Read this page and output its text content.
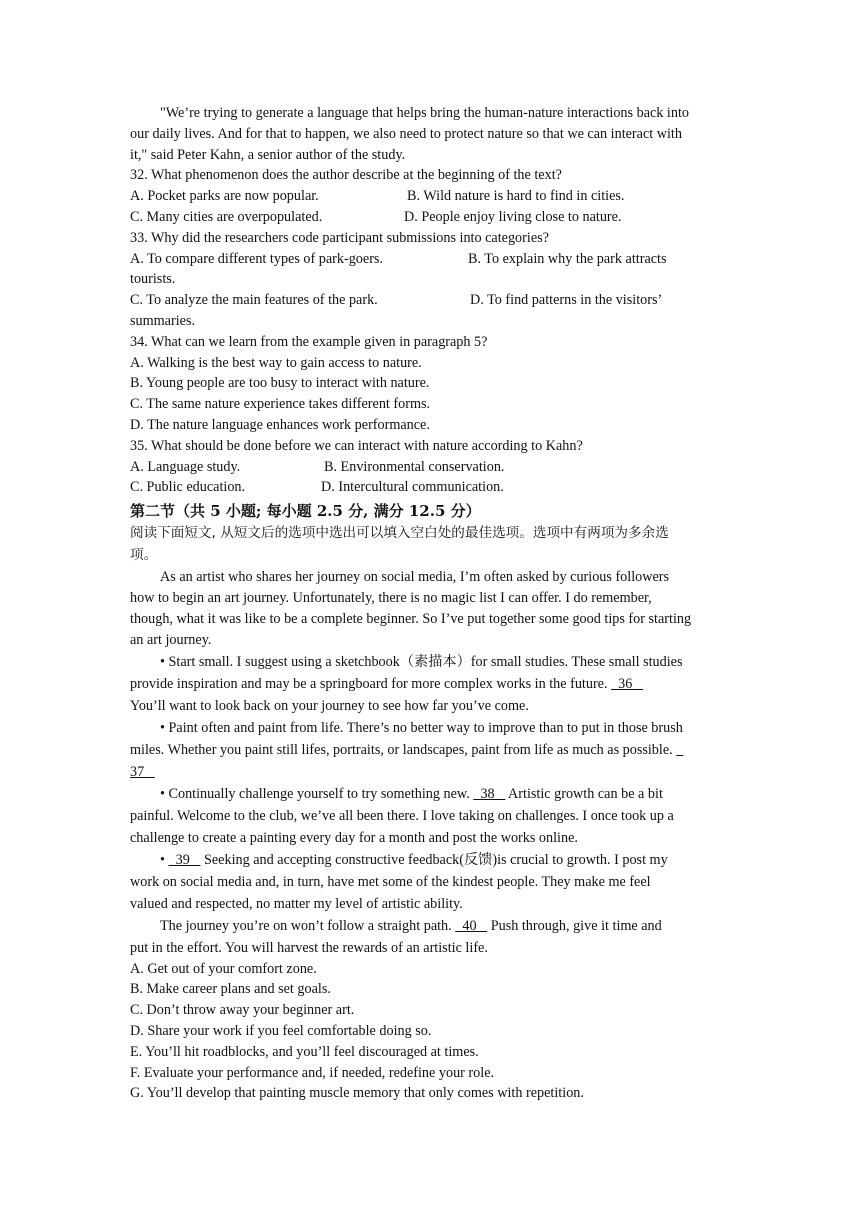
"We’re trying to generate a language that helps bring the human-nature interactions back into
our daily lives. And for that to happen, we also need to protect nature so that we can interact with
it," said Peter Kahn, a senior author of the study.
32. What phenomenon does the author describe at the beginning of the text?
A. Pocket parks are now popular.	B. Wild nature is hard to find in cities.
C. Many cities are overpopulated.	D. People enjoy living close to nature.
33. Why did the researchers code participant submissions into categories?
A. To compare different types of park-goers.	B. To explain why the park attracts
tourists.
C. To analyze the main features of the park.	D. To find patterns in the visitors’
summaries.
34. What can we learn from the example given in paragraph 5?
A. Walking is the best way to gain access to nature.
B. Young people are too busy to interact with nature.
C. The same nature experience takes different forms.
D. The nature language enhances work performance.
35. What should be done before we can interact with nature according to Kahn?
A. Language study.	B. Environmental conservation.
C. Public education.	D. Intercultural communication.
第二节（共 5 小题; 每小题 2.5 分, 满分 12.5 分）
阅读下面短文, 从短文后的选项中选出可以填入空白处的最佳选项。选项中有两项为多余选
项。
As an artist who shares her journey on social media, I’m often asked by curious followers
how to begin an art journey. Unfortunately, there is no magic list I can offer. I do remember,
though, what it was like to be a complete beginner. So I’ve put together some good tips for starting
an art journey.
• Start small. I suggest using a sketchbook（素描本）for small studies. These small studies
provide inspiration and may be a springboard for more complex works in the future.   36
You’ll want to look back on your journey to see how far you’ve come.
• Paint often and paint from life. There’s no better way to improve than to put in those brush
miles. Whether you paint still lifes, portraits, or landscapes, paint from life as much as possible.
37
• Continually challenge yourself to try something new.   38    Artistic growth can be a bit
painful. Welcome to the club, we’ve all been there. I love taking on challenges. I once took up a
challenge to create a painting every day for a month and post the works online.
•   39    Seeking and accepting constructive feedback(反馈)is crucial to growth. I post my
work on social media and, in turn, have met some of the kindest people. They make me feel
valued and respected, no matter my level of artistic ability.
The journey you’re on won’t follow a straight path.   40    Push through, give it time and
put in the effort. You will harvest the rewards of an artistic life.
A. Get out of your comfort zone.
B. Make career plans and set goals.
C. Don’t throw away your beginner art.
D. Share your work if you feel comfortable doing so.
E. You’ll hit roadblocks, and you’ll feel discouraged at times.
F. Evaluate your performance and, if needed, redefine your role.
G. You’ll develop that painting muscle memory that only comes with repetition.
